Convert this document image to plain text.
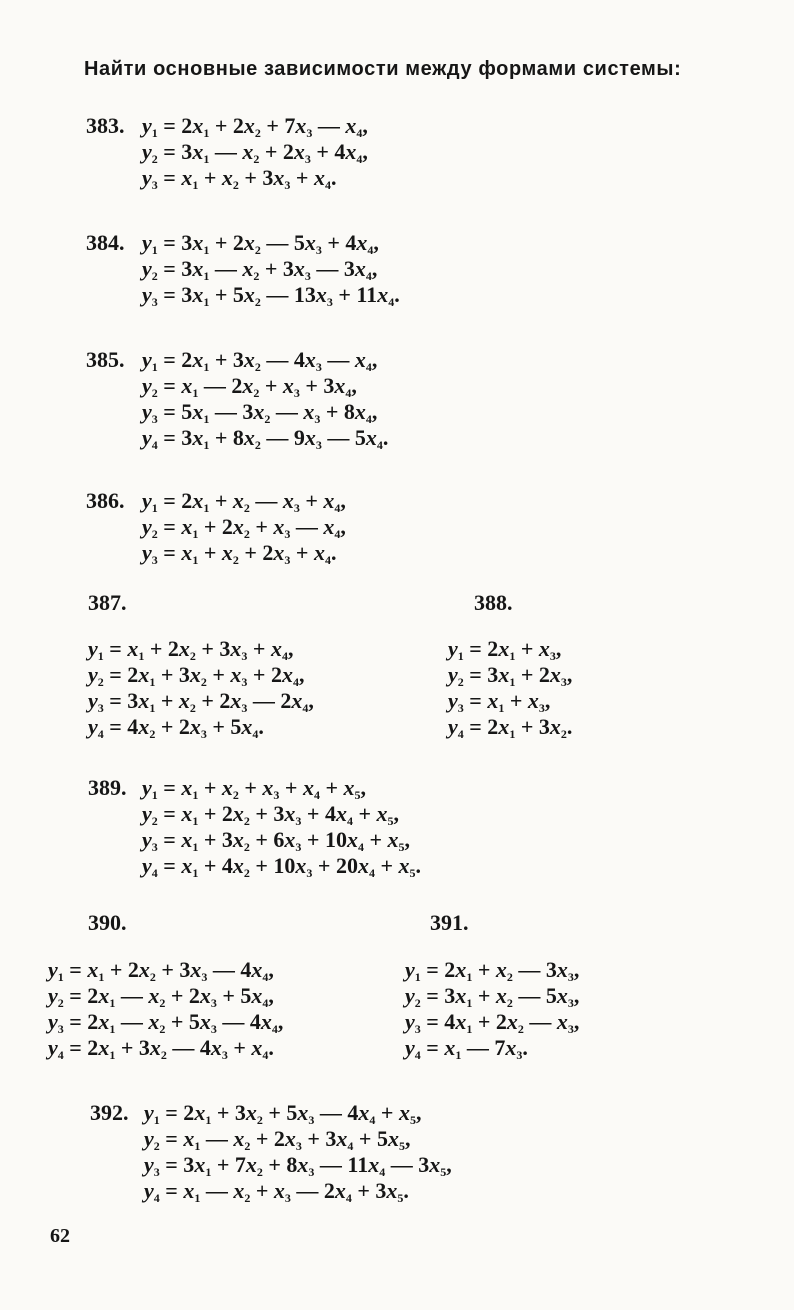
Найти основные зависимости между формами системы:
383. $y_1 = 2x_1 + 2x_2 + 7x_3$ — $x_4$,
$y_2 = 3x_1$ — $x_2 + 2x_3 + 4x_4$,
$y_3 = x_1 + x_2 + 3x_3 + x_4$.
384. $y_1 = 3x_1 + 2x_2$ — $5x_3 + 4x_4$,
$y_2 = 3x_1$ — $x_2 + 3x_3$ — $3x_4$,
$y_3 = 3x_1 + 5x_2$ — $13x_3 + 11x_4$.
385. $y_1 = 2x_1 + 3x_2$ — $4x_3$ — $x_4$,
$y_2 = x_1$ — $2x_2 + x_3 + 3x_4$,
$y_3 = 5x_1$ — $3x_2$ — $x_3 + 8x_4$,
$y_4 = 3x_1 + 8x_2$ — $9x_3$ — $5x_4$.
386. $y_1 = 2x_1 + x_2$ — $x_3 + x_4$,
$y_2 = x_1 + 2x_2 + x_3$ — $x_4$,
$y_3 = x_1 + x_2 + 2x_3 + x_4$.
387.
$y_1 = x_1 + 2x_2 + 3x_3 + x_4$,
$y_2 = 2x_1 + 3x_2 + x_3 + 2x_4$,
$y_3 = 3x_1 + x_2 + 2x_3$ — $2x_4$,
$y_4 = 4x_2 + 2x_3 + 5x_4$.
388.
$y_1 = 2x_1 + x_3$,
$y_2 = 3x_1 + 2x_3$,
$y_3 = x_1 + x_3$,
$y_4 = 2x_1 + 3x_2$.
389. $y_1 = x_1 + x_2 + x_3 + x_4 + x_5$,
$y_2 = x_1 + 2x_2 + 3x_3 + 4x_4 + x_5$,
$y_3 = x_1 + 3x_2 + 6x_3 + 10x_4 + x_5$,
$y_4 = x_1 + 4x_2 + 10x_3 + 20x_4 + x_5$.
390.
$y_1 = x_1 + 2x_2 + 3x_3$ — $4x_4$,
$y_2 = 2x_1$ — $x_2 + 2x_3 + 5x_4$,
$y_3 = 2x_1$ — $x_2 + 5x_3$ — $4x_4$,
$y_4 = 2x_1 + 3x_2$ — $4x_3 + x_4$.
391.
$y_1 = 2x_1 + x_2$ — $3x_3$,
$y_2 = 3x_1 + x_2$ — $5x_3$,
$y_3 = 4x_1 + 2x_2$ — $x_3$,
$y_4 = x_1$ — $7x_3$.
392. $y_1 = 2x_1 + 3x_2 + 5x_3$ — $4x_4 + x_5$,
$y_2 = x_1$ — $x_2 + 2x_3 + 3x_4 + 5x_5$,
$y_3 = 3x_1 + 7x_2 + 8x_3$ — $11x_4$ — $3x_5$,
$y_4 = x_1$ — $x_2 + x_3$ — $2x_4 + 3x_5$.
62
